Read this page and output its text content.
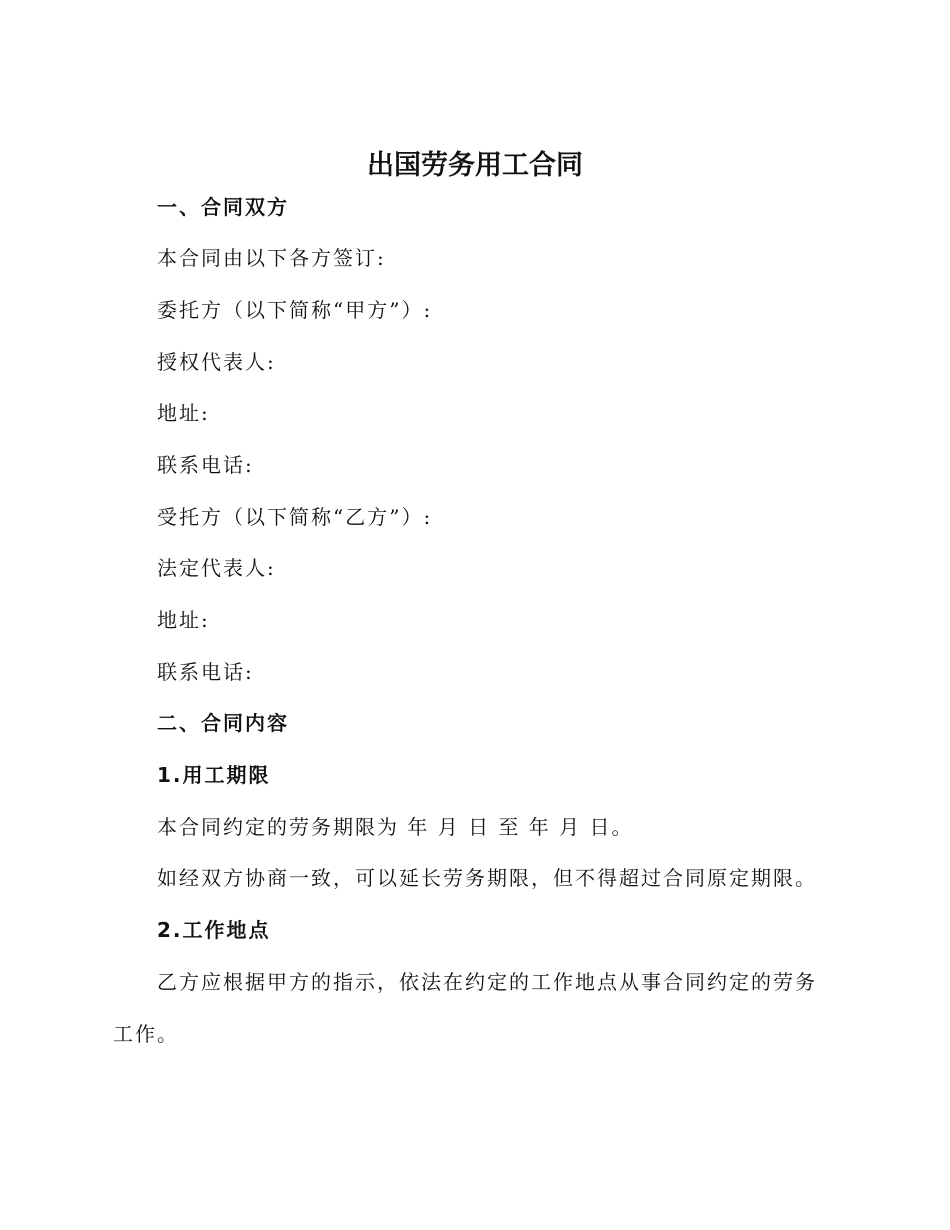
出国劳务用工合同
一、合同双方
本合同由以下各方签订:
委托方（以下简称“甲方”）:
授权代表人:
地址:
联系电话:
受托方（以下简称“乙方”）:
法定代表人:
地址:
联系电话:
二、合同内容
1.用工期限
本合同约定的劳务期限为 年 月 日 至 年 月 日。
如经双方协商一致，可以延长劳务期限，但不得超过合同原定期限。
2.工作地点
乙方应根据甲方的指示，依法在约定的工作地点从事合同约定的劳务工作。
